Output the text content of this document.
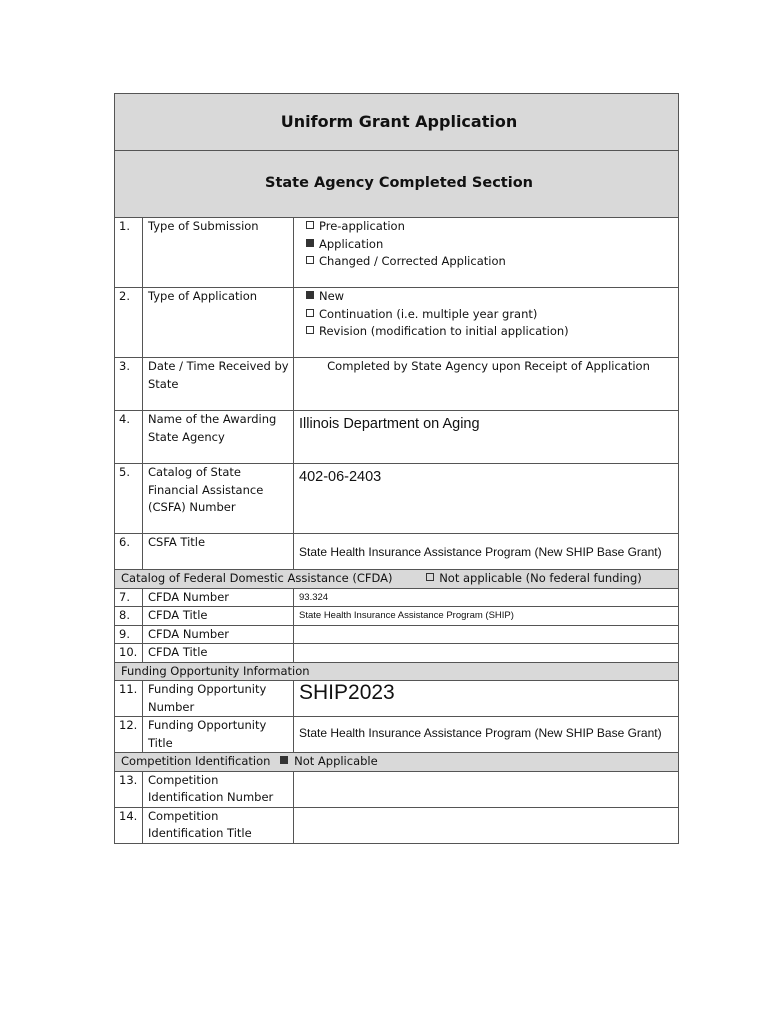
Uniform Grant Application		
State Agency Completed Section		
1.	Type of Submission	Pre-application
Application
Changed / Corrected Application

2.	Type of Application	New
Continuation (i.e. multiple year grant)
Revision (modification to initial application)

3.	Date / Time Received by State	Completed by State Agency upon Receipt of Application
4.	Name of the Awarding State Agency	Illinois Department on Aging
5.	Catalog of State Financial Assistance (CSFA) Number	402-06-2403
6.	CSFA Title	State Health Insurance Assistance Program (New SHIP Base Grant)
Catalog of Federal Domestic Assistance (CFDA) Not applicable (No federal funding)		
7.	CFDA Number	93.324
8.	CFDA Title	State Health Insurance Assistance Program (SHIP)
9.	CFDA Number	
10.	CFDA Title	
Funding Opportunity Information		
11.	Funding Opportunity Number	SHIP2023
12.	Funding Opportunity Title	State Health Insurance Assistance Program (New SHIP Base Grant)
Competition Identification Not Applicable		
13.	Competition Identification Number	
14.	Competition Identification Title	
